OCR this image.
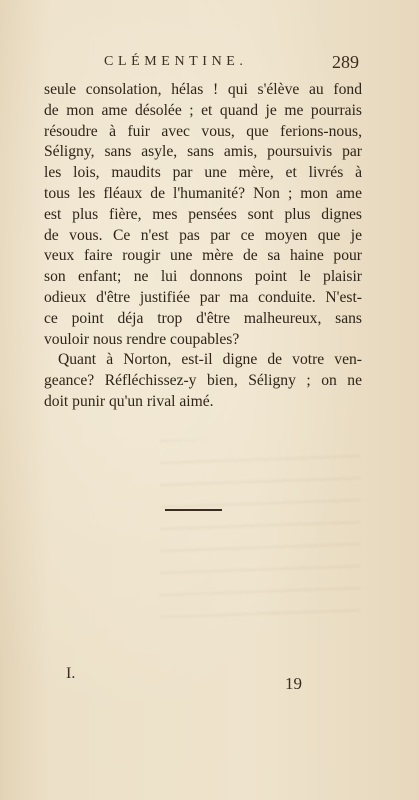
CLÉMENTINE.	289
seule consolation, hélas ! qui s'élève au fond
de mon ame désolée ; et quand je me pourrais
résoudre à fuir avec vous, que ferions-nous,
Séligny, sans asyle, sans amis, poursuivis par
les lois, maudits par une mère, et livrés à
tous les fléaux de l'humanité? Non ; mon ame
est plus fière, mes pensées sont plus dignes
de vous. Ce n'est pas par ce moyen que je
veux faire rougir une mère de sa haine pour
son enfant; ne lui donnons point le plaisir
odieux d'être justifiée par ma conduite. N'est-
ce point déja trop d'être malheureux, sans
vouloir nous rendre coupables?
Quant à Norton, est-il digne de votre ven-
geance? Réfléchissez-y bien, Séligny ; on ne
doit punir qu'un rival aimé.
I.
19
